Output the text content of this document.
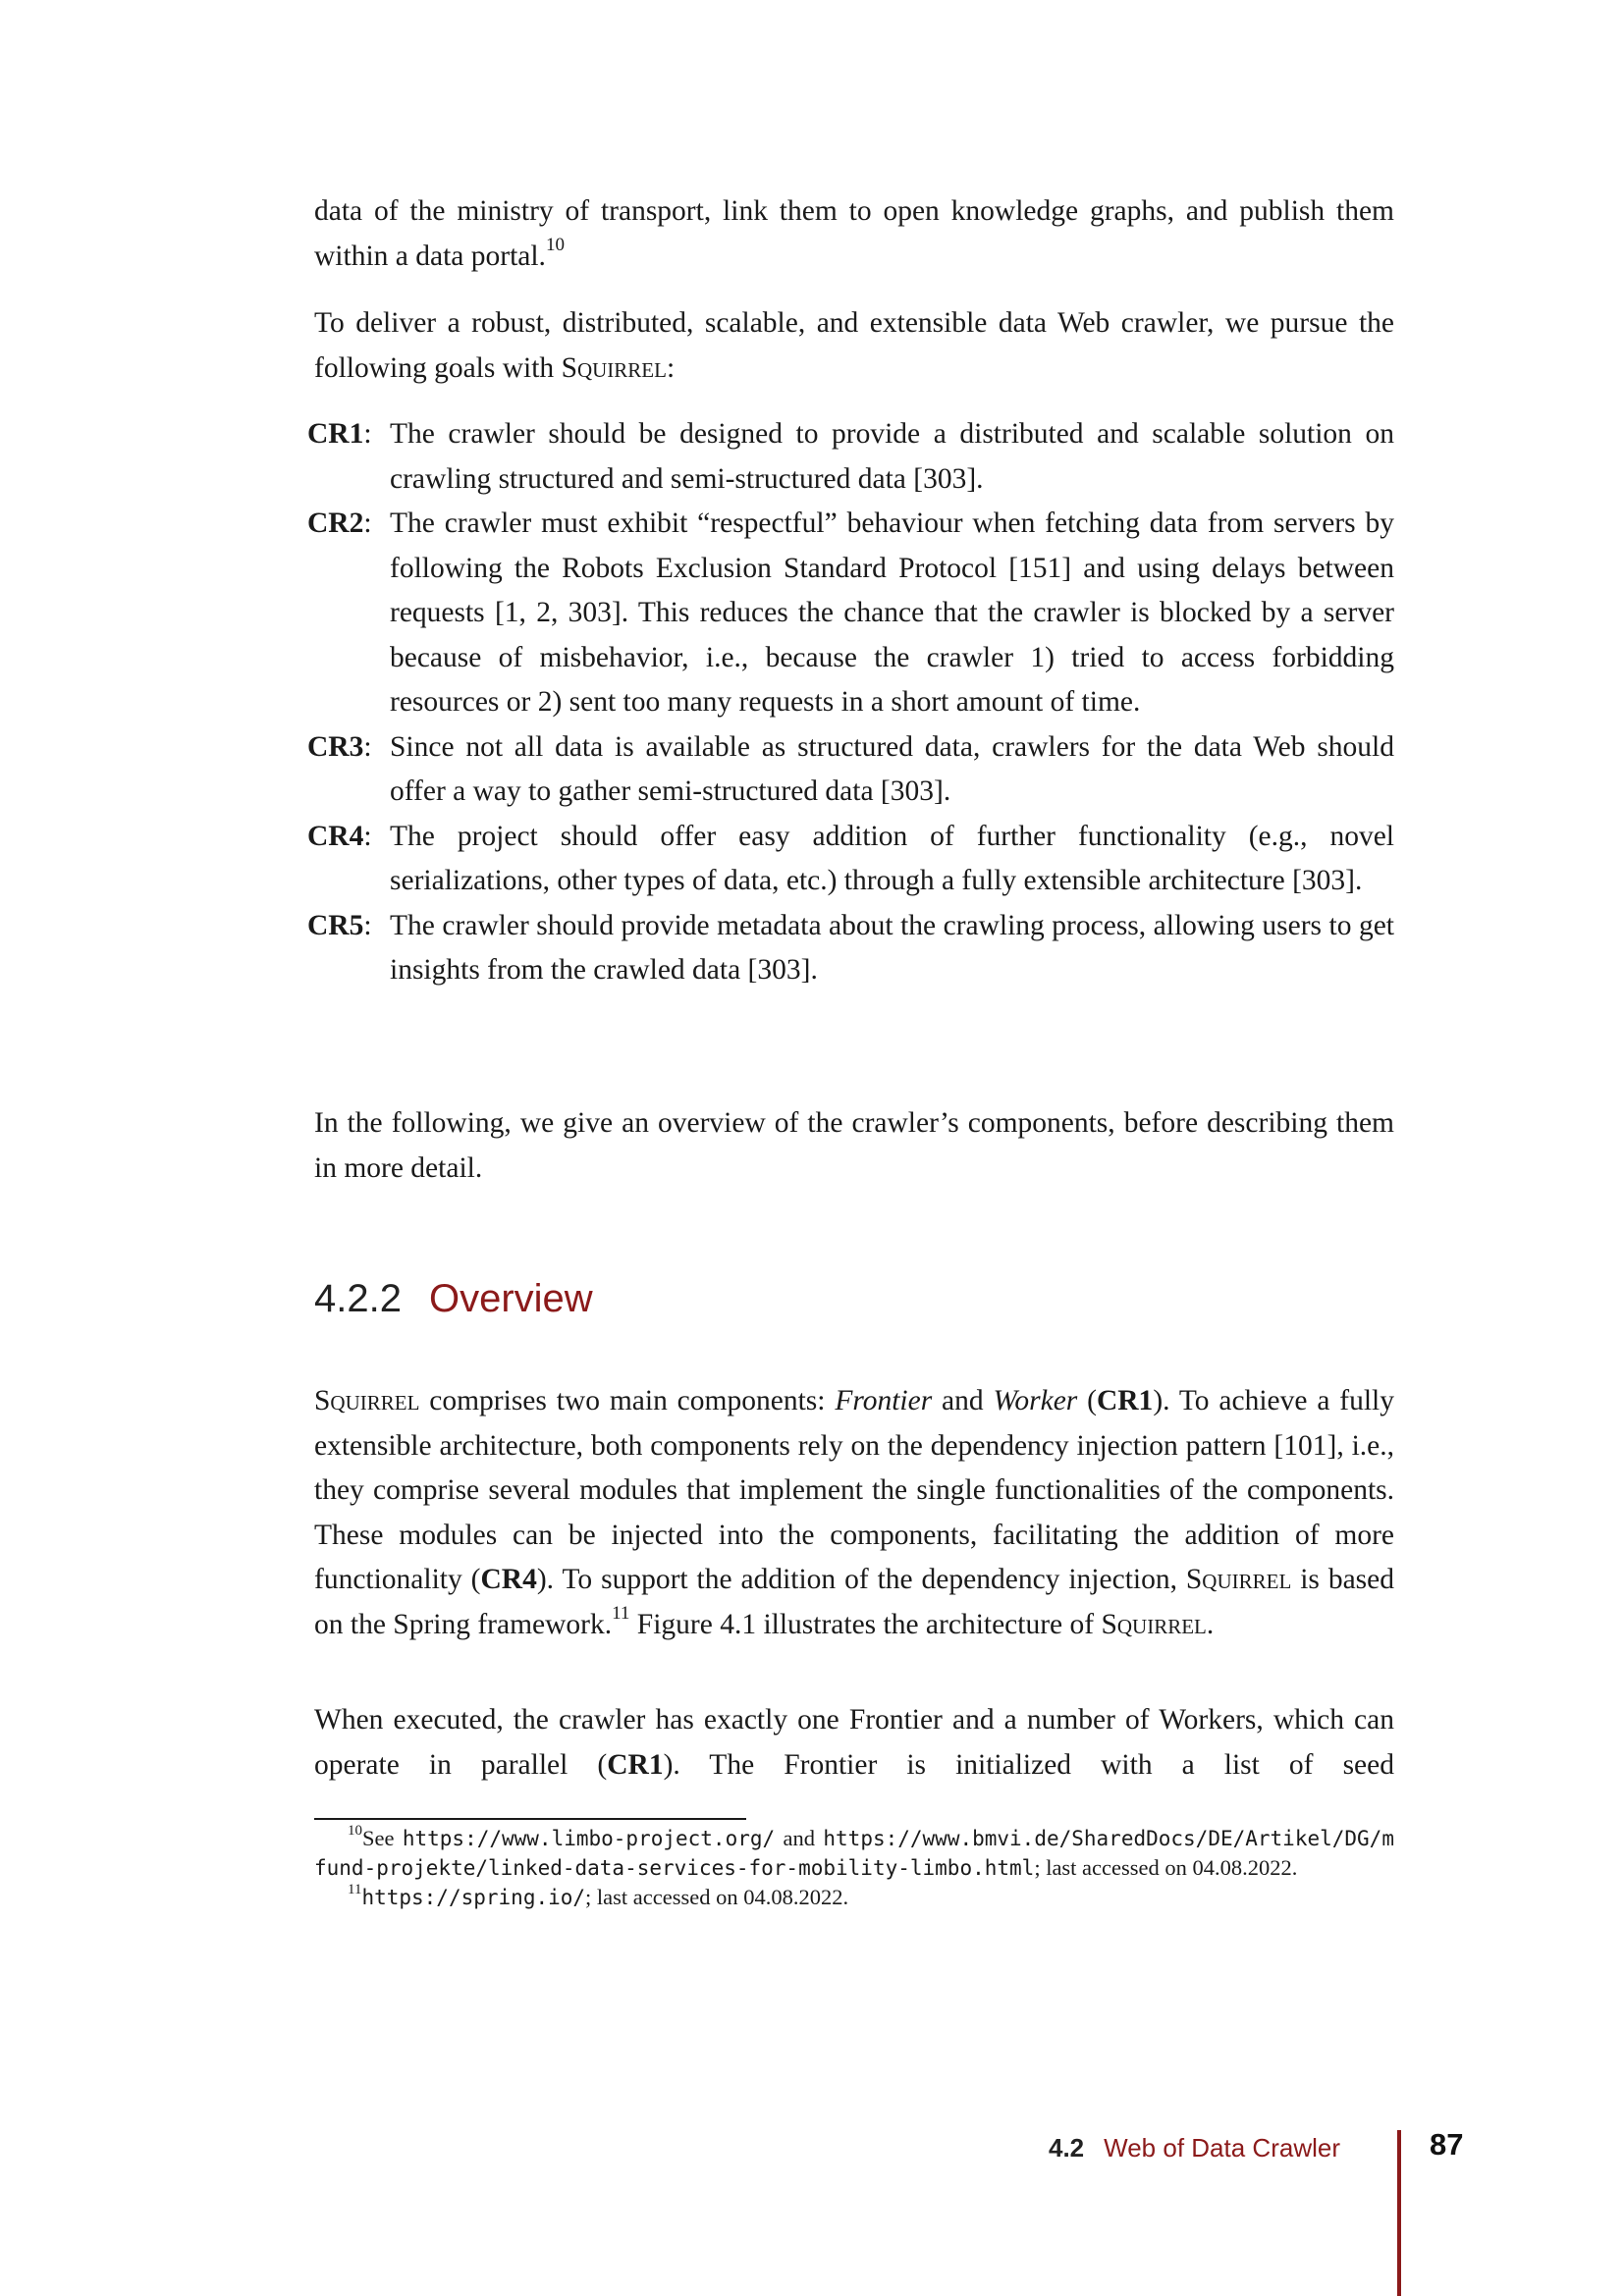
data of the ministry of transport, link them to open knowledge graphs, and publish them within a data portal.$^{10}$

To deliver a robust, distributed, scalable, and extensible data Web crawler, we pursue the following goals with Squirrel:

CR1: The crawler should be designed to provide a distributed and scalable solution on crawling structured and semi-structured data [303].
CR2: The crawler must exhibit “respectful” behaviour when fetching data from servers by following the Robots Exclusion Standard Protocol [151] and using delays between requests [1, 2, 303]. This reduces the chance that the crawler is blocked by a server because of misbehavior, i.e., because the crawler 1) tried to access forbidding resources or 2) sent too many requests in a short amount of time.
CR3: Since not all data is available as structured data, crawlers for the data Web should offer a way to gather semi-structured data [303].
CR4: The project should offer easy addition of further functionality (e.g., novel serializations, other types of data, etc.) through a fully extensible architecture [303].
CR5: The crawler should provide metadata about the crawling process, allowing users to get insights from the crawled data [303].

In the following, we give an overview of the crawler’s components, before describing them in more detail.

4.2.2 Overview

Squirrel comprises two main components: Frontier and Worker (CR1). To achieve a fully extensible architecture, both components rely on the dependency injection pattern [101], i.e., they comprise several modules that implement the single functionalities of the components. These modules can be injected into the components, facilitating the addition of more functionality (CR4). To support the addition of the dependency injection, Squirrel is based on the Spring framework.$^{11}$ Figure 4.1 illustrates the architecture of Squirrel.

When executed, the crawler has exactly one Frontier and a number of Workers, which can operate in parallel (CR1). The Frontier is initialized with a list of seed

$^{10}$See https://www.limbo-project.org/ and https://www.bmvi.de/SharedDocs/DE/Artikel/DG/mfund-projekte/linked-data-services-for-mobility-limbo.html; last accessed on 04.08.2022.

$^{11}$https://spring.io/; last accessed on 04.08.2022.

4.2 Web of Data Crawler	87
